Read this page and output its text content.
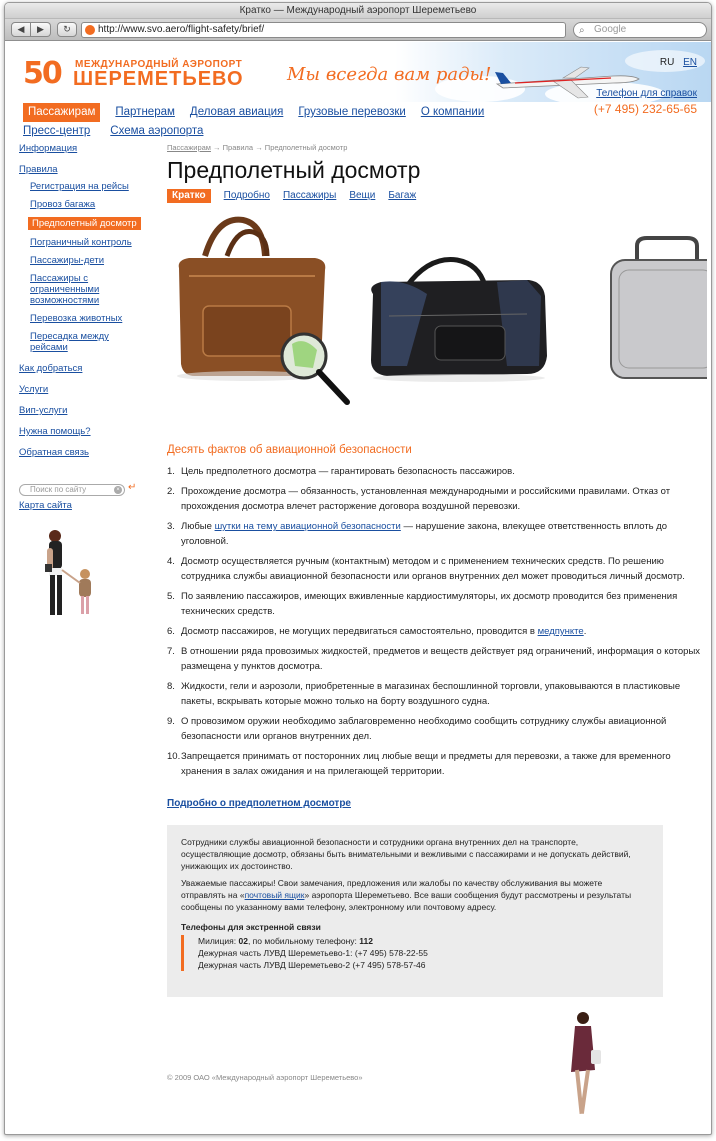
Кратко — Международный аэропорт Шереметьево
◀	▶	↻	http://www.svo.aero/flight-safety/brief/	⌕ Google
50 МЕЖДУНАРОДНЫЙ АЭРОПОРТ
ШЕРЕМЕТЬЕВО Мы всегда вам рады!
RU EN
Пассажирам	Партнерам Деловая авиация Грузовые перевозки О компании
Пресс-центр Схема аэропорта
Телефон для справок
(+7 495) 232-65-65
Информация
Правила
Регистрация на рейсы
Провоз багажа
Предполетный досмотр
Пограничный контроль
Пассажиры-дети
Пассажиры с ограниченными возможностями
Перевозка животных
Пересадка между рейсами
Как добраться
Услуги
Вип-услуги
Нужна помощь?
Обратная связь
Поиск по сайту	× ↵
Карта сайта
Пассажирам → Правила → Предполетный досмотр
Предполетный досмотр
Кратко	Подробно Пассажиры Вещи Багаж
Десять фактов об авиационной безопасности
1. Цель предполетного досмотра — гарантировать безопасность пассажиров.
2. Прохождение досмотра — обязанность, установленная международными и российскими правилами. Отказ от прохождения досмотра влечет расторжение договора воздушной перевозки.
3. Любые шутки на тему авиационной безопасности — нарушение закона, влекущее ответственность вплоть до уголовной.
4. Досмотр осуществляется ручным (контактным) методом и с применением технических средств. По решению сотрудника службы авиационной безопасности или органов внутренних дел может проводиться личный досмотр.
5. По заявлению пассажиров, имеющих вживленные кардиостимуляторы, их досмотр проводится без применения технических средств.
6. Досмотр пассажиров, не могущих передвигаться самостоятельно, проводится в медпункте.
7. В отношении ряда провозимых жидкостей, предметов и веществ действует ряд ограничений, информация о которых размещена у пунктов досмотра.
8. Жидкости, гели и аэрозоли, приобретенные в магазинах беспошлинной торговли, упаковываются в пластиковые пакеты, вскрывать которые можно только на борту воздушного судна.
9. О провозимом оружии необходимо заблаговременно необходимо сообщить сотруднику службы авиационной безопасности или органов внутренних дел.
10. Запрещается принимать от посторонних лиц любые вещи и предметы для перевозки, а также для временного хранения в залах ожидания и на прилегающей территории.
Подробно о предполетном досмотре

Сотрудники службы авиационной безопасности и сотрудники органа внутренних дел на транспорте, осуществляющие досмотр, обязаны быть внимательными и вежливыми с пассажирами и не допускать действий, унижающих их достоинство.

Уважаемые пассажиры! Свои замечания, предложения или жалобы по качеству обслуживания вы можете отправлять на «почтовый ящик» аэропорта Шереметьево. Все ваши сообщения будут рассмотрены и результаты сообщены по указанному вами телефону, электронному или почтовому адресу.

Телефоны для экстренной связи
Милиция: 02, по мобильному телефону: 112
Дежурная часть ЛУВД Шереметьево-1: (+7 495) 578-22-55
Дежурная часть ЛУВД Шереметьево-2 (+7 495) 578-57-46
© 2009 ОАО «Международный аэропорт Шереметьево»
